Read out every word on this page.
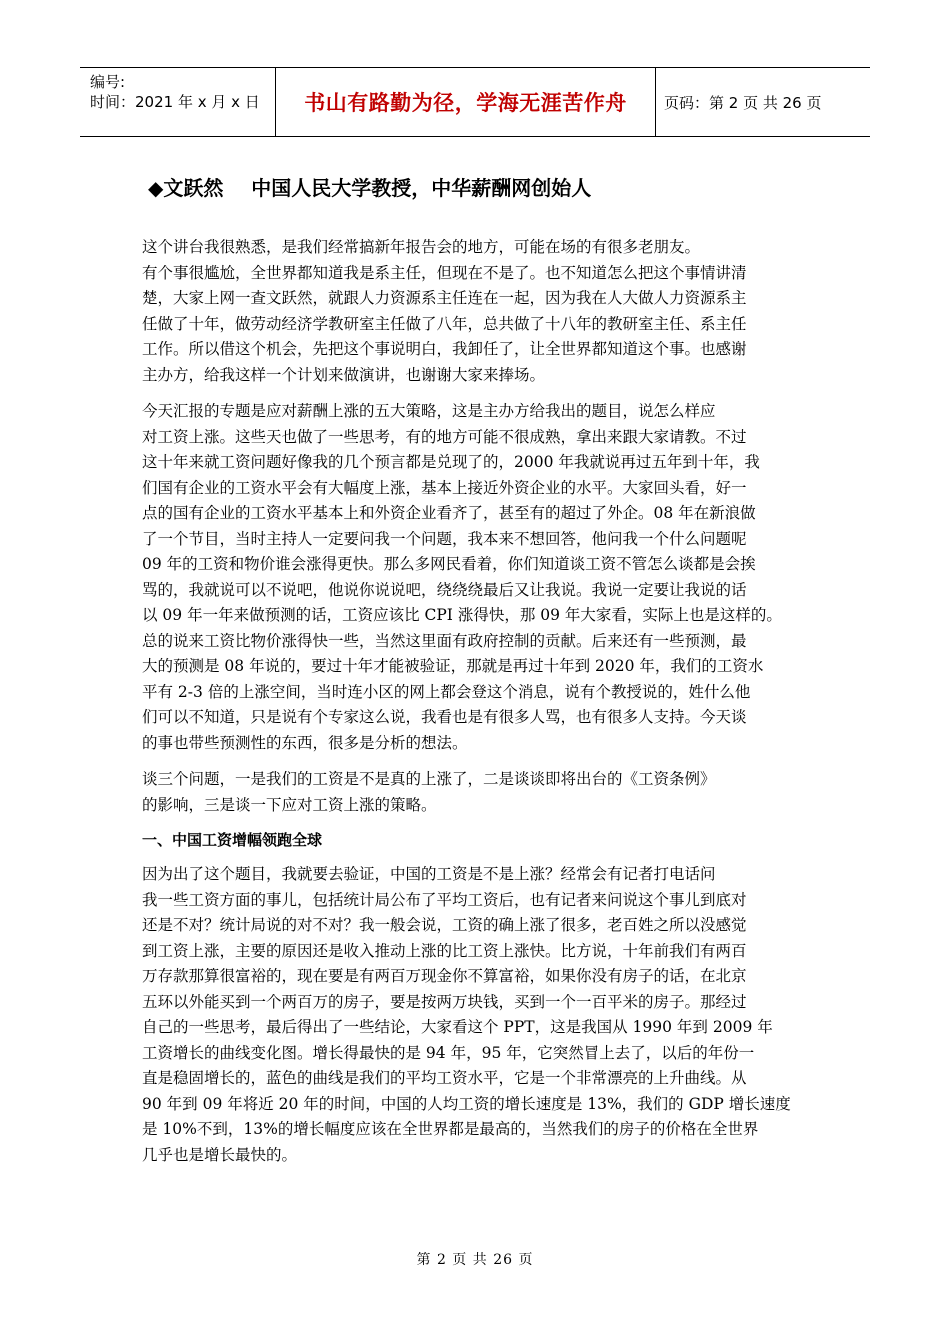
编号:
时间：2021 年 x 月 x 日	书山有路勤为径，学海无涯苦作舟	页码：第 2 页 共 26 页
◆文跃然    中国人民大学教授，中华薪酬网创始人
这个讲台我很熟悉，是我们经常搞新年报告会的地方，可能在场的有很多老朋友。
有个事很尴尬，全世界都知道我是系主任，但现在不是了。也不知道怎么把这个事情讲清
楚，大家上网一查文跃然，就跟人力资源系主任连在一起，因为我在人大做人力资源系主
任做了十年，做劳动经济学教研室主任做了八年，总共做了十八年的教研室主任、系主任
工作。所以借这个机会，先把这个事说明白，我卸任了，让全世界都知道这个事。也感谢
主办方，给我这样一个计划来做演讲，也谢谢大家来捧场。
今天汇报的专题是应对薪酬上涨的五大策略，这是主办方给我出的题目，说怎么样应
对工资上涨。这些天也做了一些思考，有的地方可能不很成熟，拿出来跟大家请教。不过
这十年来就工资问题好像我的几个预言都是兑现了的，2000 年我就说再过五年到十年，我
们国有企业的工资水平会有大幅度上涨，基本上接近外资企业的水平。大家回头看，好一
点的国有企业的工资水平基本上和外资企业看齐了，甚至有的超过了外企。08 年在新浪做
了一个节目，当时主持人一定要问我一个问题，我本来不想回答，他问我一个什么问题呢
09 年的工资和物价谁会涨得更快。那么多网民看着，你们知道谈工资不管怎么谈都是会挨
骂的，我就说可以不说吧，他说你说说吧，绕绕绕最后又让我说。我说一定要让我说的话
以 09 年一年来做预测的话，工资应该比 CPI 涨得快，那 09 年大家看，实际上也是这样的。
总的说来工资比物价涨得快一些，当然这里面有政府控制的贡献。后来还有一些预测，最
大的预测是 08 年说的，要过十年才能被验证，那就是再过十年到 2020 年，我们的工资水
平有 2-3 倍的上涨空间，当时连小区的网上都会登这个消息，说有个教授说的，姓什么他
们可以不知道，只是说有个专家这么说，我看也是有很多人骂，也有很多人支持。今天谈
的事也带些预测性的东西，很多是分析的想法。
谈三个问题，一是我们的工资是不是真的上涨了，二是谈谈即将出台的《工资条例》
的影响，三是谈一下应对工资上涨的策略。
一、中国工资增幅领跑全球
因为出了这个题目，我就要去验证，中国的工资是不是上涨？经常会有记者打电话问
我一些工资方面的事儿，包括统计局公布了平均工资后，也有记者来问说这个事儿到底对
还是不对？统计局说的对不对？我一般会说，工资的确上涨了很多，老百姓之所以没感觉
到工资上涨，主要的原因还是收入推动上涨的比工资上涨快。比方说，十年前我们有两百
万存款那算很富裕的，现在要是有两百万现金你不算富裕，如果你没有房子的话，在北京
五环以外能买到一个两百万的房子，要是按两万块钱，买到一个一百平米的房子。那经过
自己的一些思考，最后得出了一些结论，大家看这个 PPT，这是我国从 1990 年到 2009 年
工资增长的曲线变化图。增长得最快的是 94 年，95 年，它突然冒上去了，以后的年份一
直是稳固增长的，蓝色的曲线是我们的平均工资水平，它是一个非常漂亮的上升曲线。从
90 年到 09 年将近 20 年的时间，中国的人均工资的增长速度是 13%，我们的 GDP 增长速度
是 10%不到，13%的增长幅度应该在全世界都是最高的，当然我们的房子的价格在全世界
几乎也是增长最快的。
第 2 页 共 26 页
